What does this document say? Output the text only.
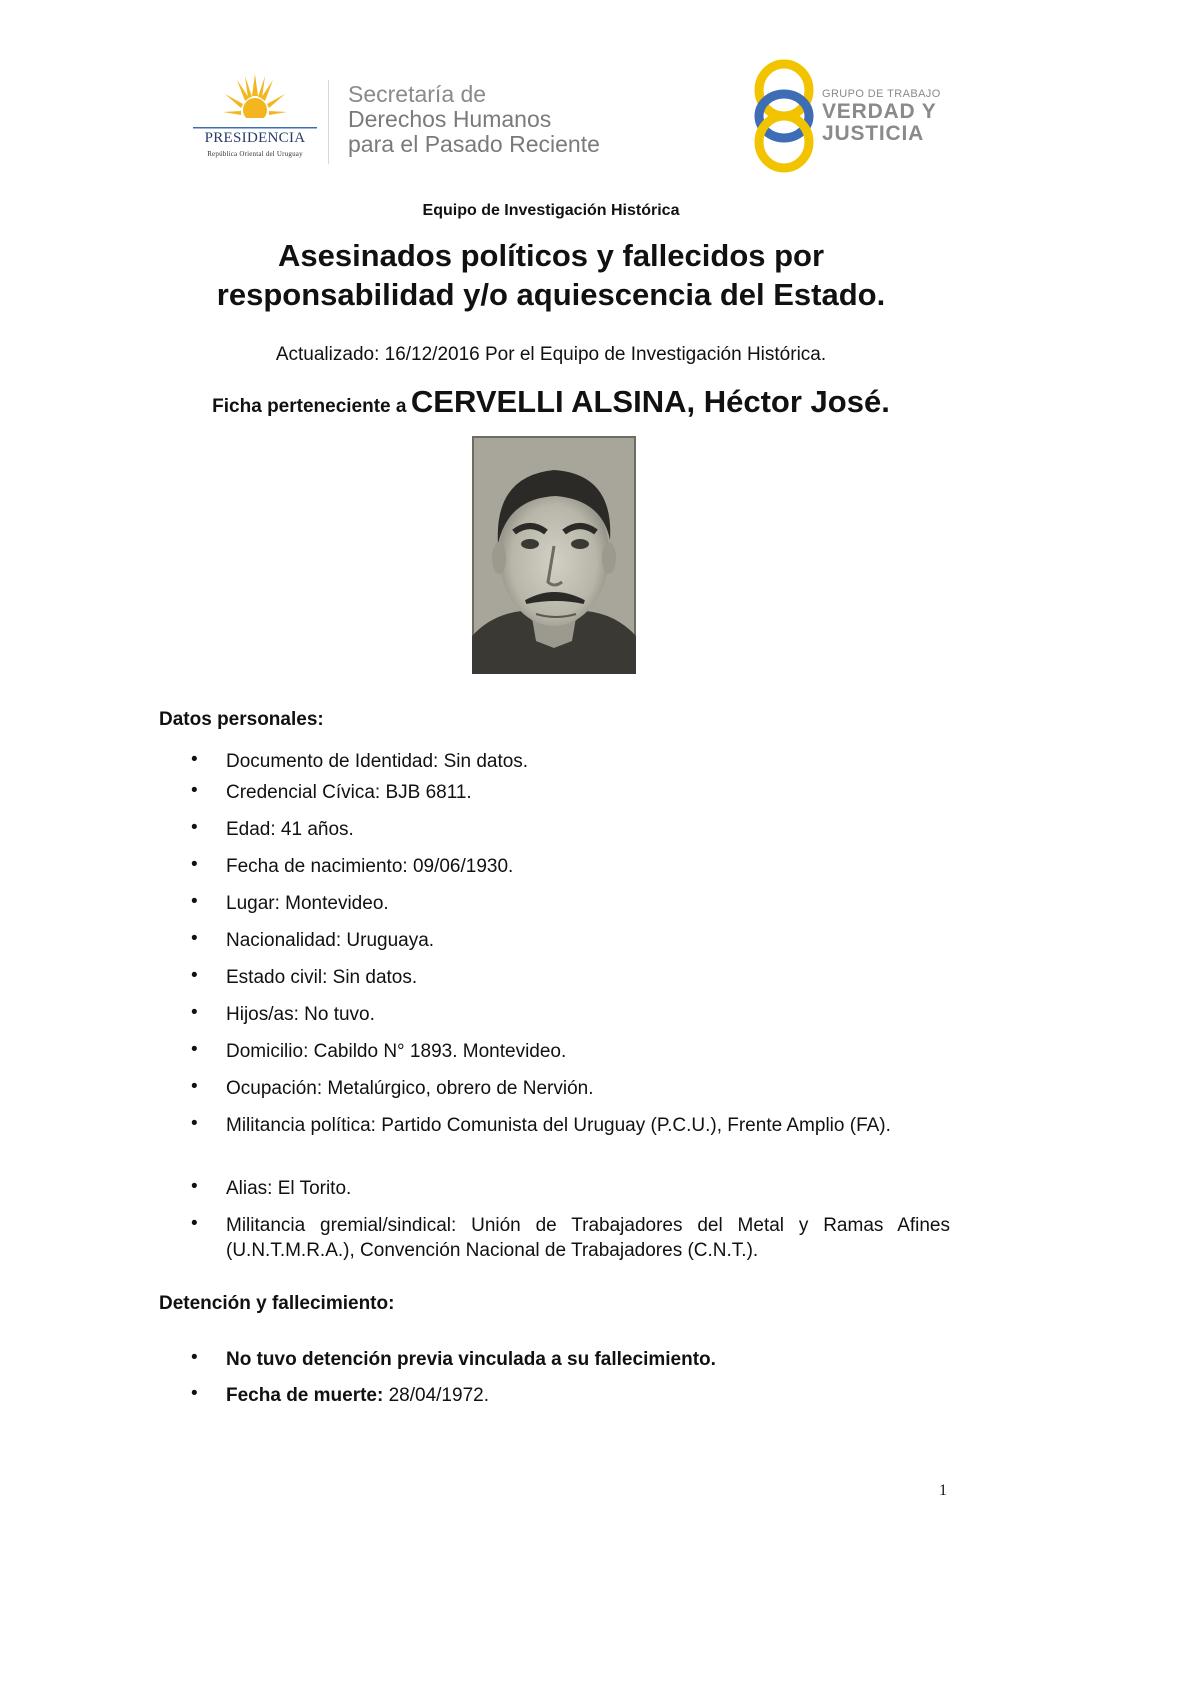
PRESIDENCIA
República Oriental del Uruguay
Secretaría de
Derechos Humanos
para el Pasado Reciente
GRUPO DE TRABAJO
VERDAD Y
JUSTICIA
Equipo de Investigación Histórica
Asesinados políticos y fallecidos por
responsabilidad y/o aquiescencia del Estado.
Actualizado: 16/12/2016 Por el Equipo de Investigación Histórica.
Ficha perteneciente a CERVELLI ALSINA, Héctor José.
Datos personales:
• Documento de Identidad: Sin datos.
• Credencial Cívica: BJB 6811.
• Edad: 41 años.
• Fecha de nacimiento: 09/06/1930.
• Lugar: Montevideo.
• Nacionalidad: Uruguaya.
• Estado civil: Sin datos.
• Hijos/as: No tuvo.
• Domicilio: Cabildo N° 1893. Montevideo.
• Ocupación: Metalúrgico, obrero de Nervión.
• Militancia política: Partido Comunista del Uruguay (P.C.U.), Frente Amplio (FA).
• Alias: El Torito.
• Militancia gremial/sindical: Unión de Trabajadores del Metal y Ramas Afines (U.N.T.M.R.A.), Convención Nacional de Trabajadores (C.N.T.).
Detención y fallecimiento:
• No tuvo detención previa vinculada a su fallecimiento.
• Fecha de muerte: 28/04/1972.
1
